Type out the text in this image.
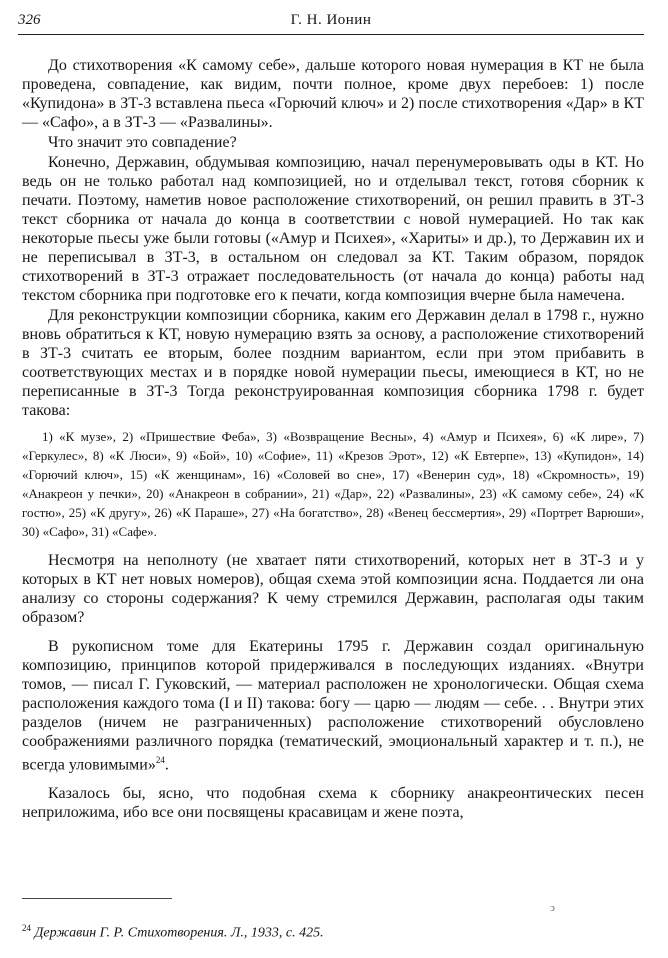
326	Г. Н. Ионин

До стихотворения «К самому себе», дальше которого новая нумерация в КТ не была проведена, совпадение, как видим, почти полное, кроме двух перебоев: 1) после «Купидона» в ЗТ-3 вставлена пьеса «Горючий ключ» и 2) после стихотворения «Дар» в КТ — «Сафо», а в ЗТ-3 — «Развалины».

Что значит это совпадение?

Конечно, Державин, обдумывая композицию, начал перенумеровывать оды в КТ. Но ведь он не только работал над композицией, но и отделывал текст, готовя сборник к печати. Поэтому, наметив новое расположение стихотворений, он решил править в ЗТ-3 текст сборника от начала до конца в соответствии с новой нумерацией. Но так как некоторые пьесы уже были готовы («Амур и Психея», «Хариты» и др.), то Державин их и не переписывал в ЗТ-3, в остальном он следовал за КТ. Таким образом, порядок стихотворений в ЗТ-3 отражает последовательность (от начала до конца) работы над текстом сборника при подготовке его к печати, когда композиция вчерне была намечена.

Для реконструкции композиции сборника, каким его Державин делал в 1798 г., нужно вновь обратиться к КТ, новую нумерацию взять за основу, а расположение стихотворений в ЗТ-3 считать ее вторым, более поздним вариантом, если при этом прибавить в соответствующих местах и в порядке новой нумерации пьесы, имеющиеся в КТ, но не переписанные в ЗТ-3 Тогда реконструированная композиция сборника 1798 г. будет такова:

1) «К музе», 2) «Пришествие Феба», 3) «Возвращение Весны», 4) «Амур и Психея», 6) «К лире», 7) «Геркулес», 8) «К Люси», 9) «Бой», 10) «Софие», 11) «Крезов Эрот», 12) «К Евтерпе», 13) «Купидон», 14) «Горючий ключ», 15) «К женщинам», 16) «Соловей во сне», 17) «Венерин суд», 18) «Скромность», 19) «Анакреон у печки», 20) «Анакреон в собрании», 21) «Дар», 22) «Развалины», 23) «К самому себе», 24) «К гостю», 25) «К другу», 26) «К Параше», 27) «На богатство», 28) «Венец бессмертия», 29) «Портрет Варюши», 30) «Сафо», 31) «Сафе».

Несмотря на неполноту (не хватает пяти стихотворений, которых нет в ЗТ-3 и у которых в КТ нет новых номеров), общая схема этой композиции ясна. Поддается ли она анализу со стороны содержания? К чему стремился Державин, располагая оды таким образом?

В рукописном томе для Екатерины 1795 г. Державин создал оригинальную композицию, принципов которой придерживался в последующих изданиях. «Внутри томов, — писал Г. Гуковский, — материал расположен не хронологически. Общая схема расположения каждого тома (I и II) такова: богу — царю — людям — себе. . . Внутри этих разделов (ничем не разграниченных) расположение стихотворений обусловлено соображениями различного порядка (тематический, эмоциональный характер и т. п.), не всегда уловимыми»$^{24}$.

Казалось бы, ясно, что подобная схема к сборнику анакреонтических песен неприложима, ибо все они посвящены красавицам и жене поэта,

ↄ
$^{24}$ Державин Г. Р. Стихотворения. Л., 1933, с. 425.
